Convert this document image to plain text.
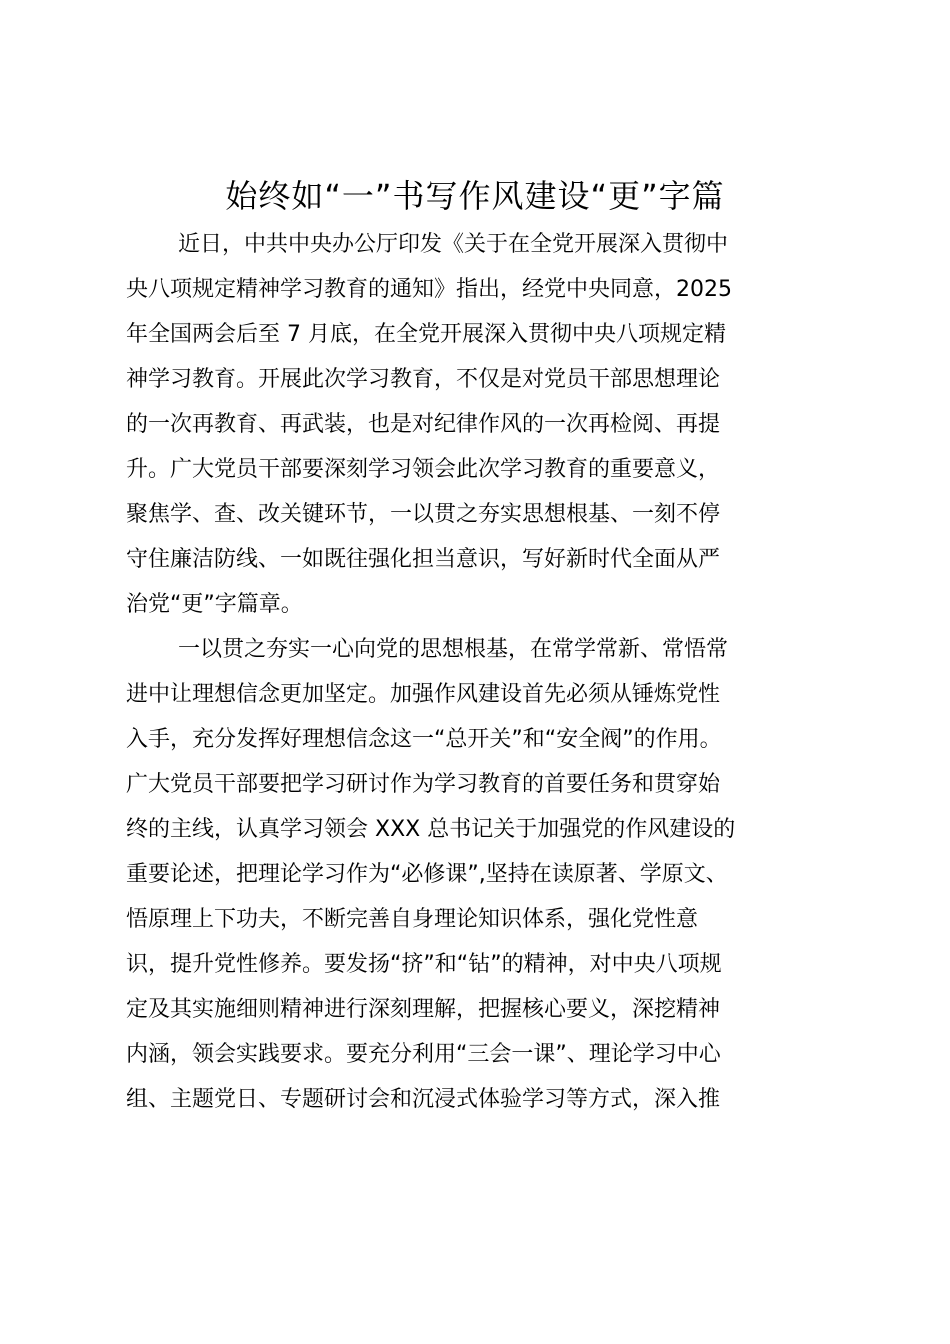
始终如“一”书写作风建设“更”字篇
近日，中共中央办公厅印发《关于在全党开展深入贯彻中
央八项规定精神学习教育的通知》指出，经党中央同意，2025
年全国两会后至 7 月底，在全党开展深入贯彻中央八项规定精
神学习教育。开展此次学习教育，不仅是对党员干部思想理论
的一次再教育、再武装，也是对纪律作风的一次再检阅、再提
升。广大党员干部要深刻学习领会此次学习教育的重要意义，
聚焦学、查、改关键环节，一以贯之夯实思想根基、一刻不停
守住廉洁防线、一如既往强化担当意识，写好新时代全面从严
治党“更”字篇章。
一以贯之夯实一心向党的思想根基，在常学常新、常悟常
进中让理想信念更加坚定。加强作风建设首先必须从锤炼党性
入手，充分发挥好理想信念这一“总开关”和“安全阀”的作用。
广大党员干部要把学习研讨作为学习教育的首要任务和贯穿始
终的主线，认真学习领会 XXX 总书记关于加强党的作风建设的
重要论述，把理论学习作为“必修课”,坚持在读原著、学原文、
悟原理上下功夫，不断完善自身理论知识体系，强化党性意
识，提升党性修养。要发扬“挤”和“钻”的精神，对中央八项规
定及其实施细则精神进行深刻理解，把握核心要义，深挖精神
内涵，领会实践要求。要充分利用“三会一课”、理论学习中心
组、主题党日、专题研讨会和沉浸式体验学习等方式，深入推
